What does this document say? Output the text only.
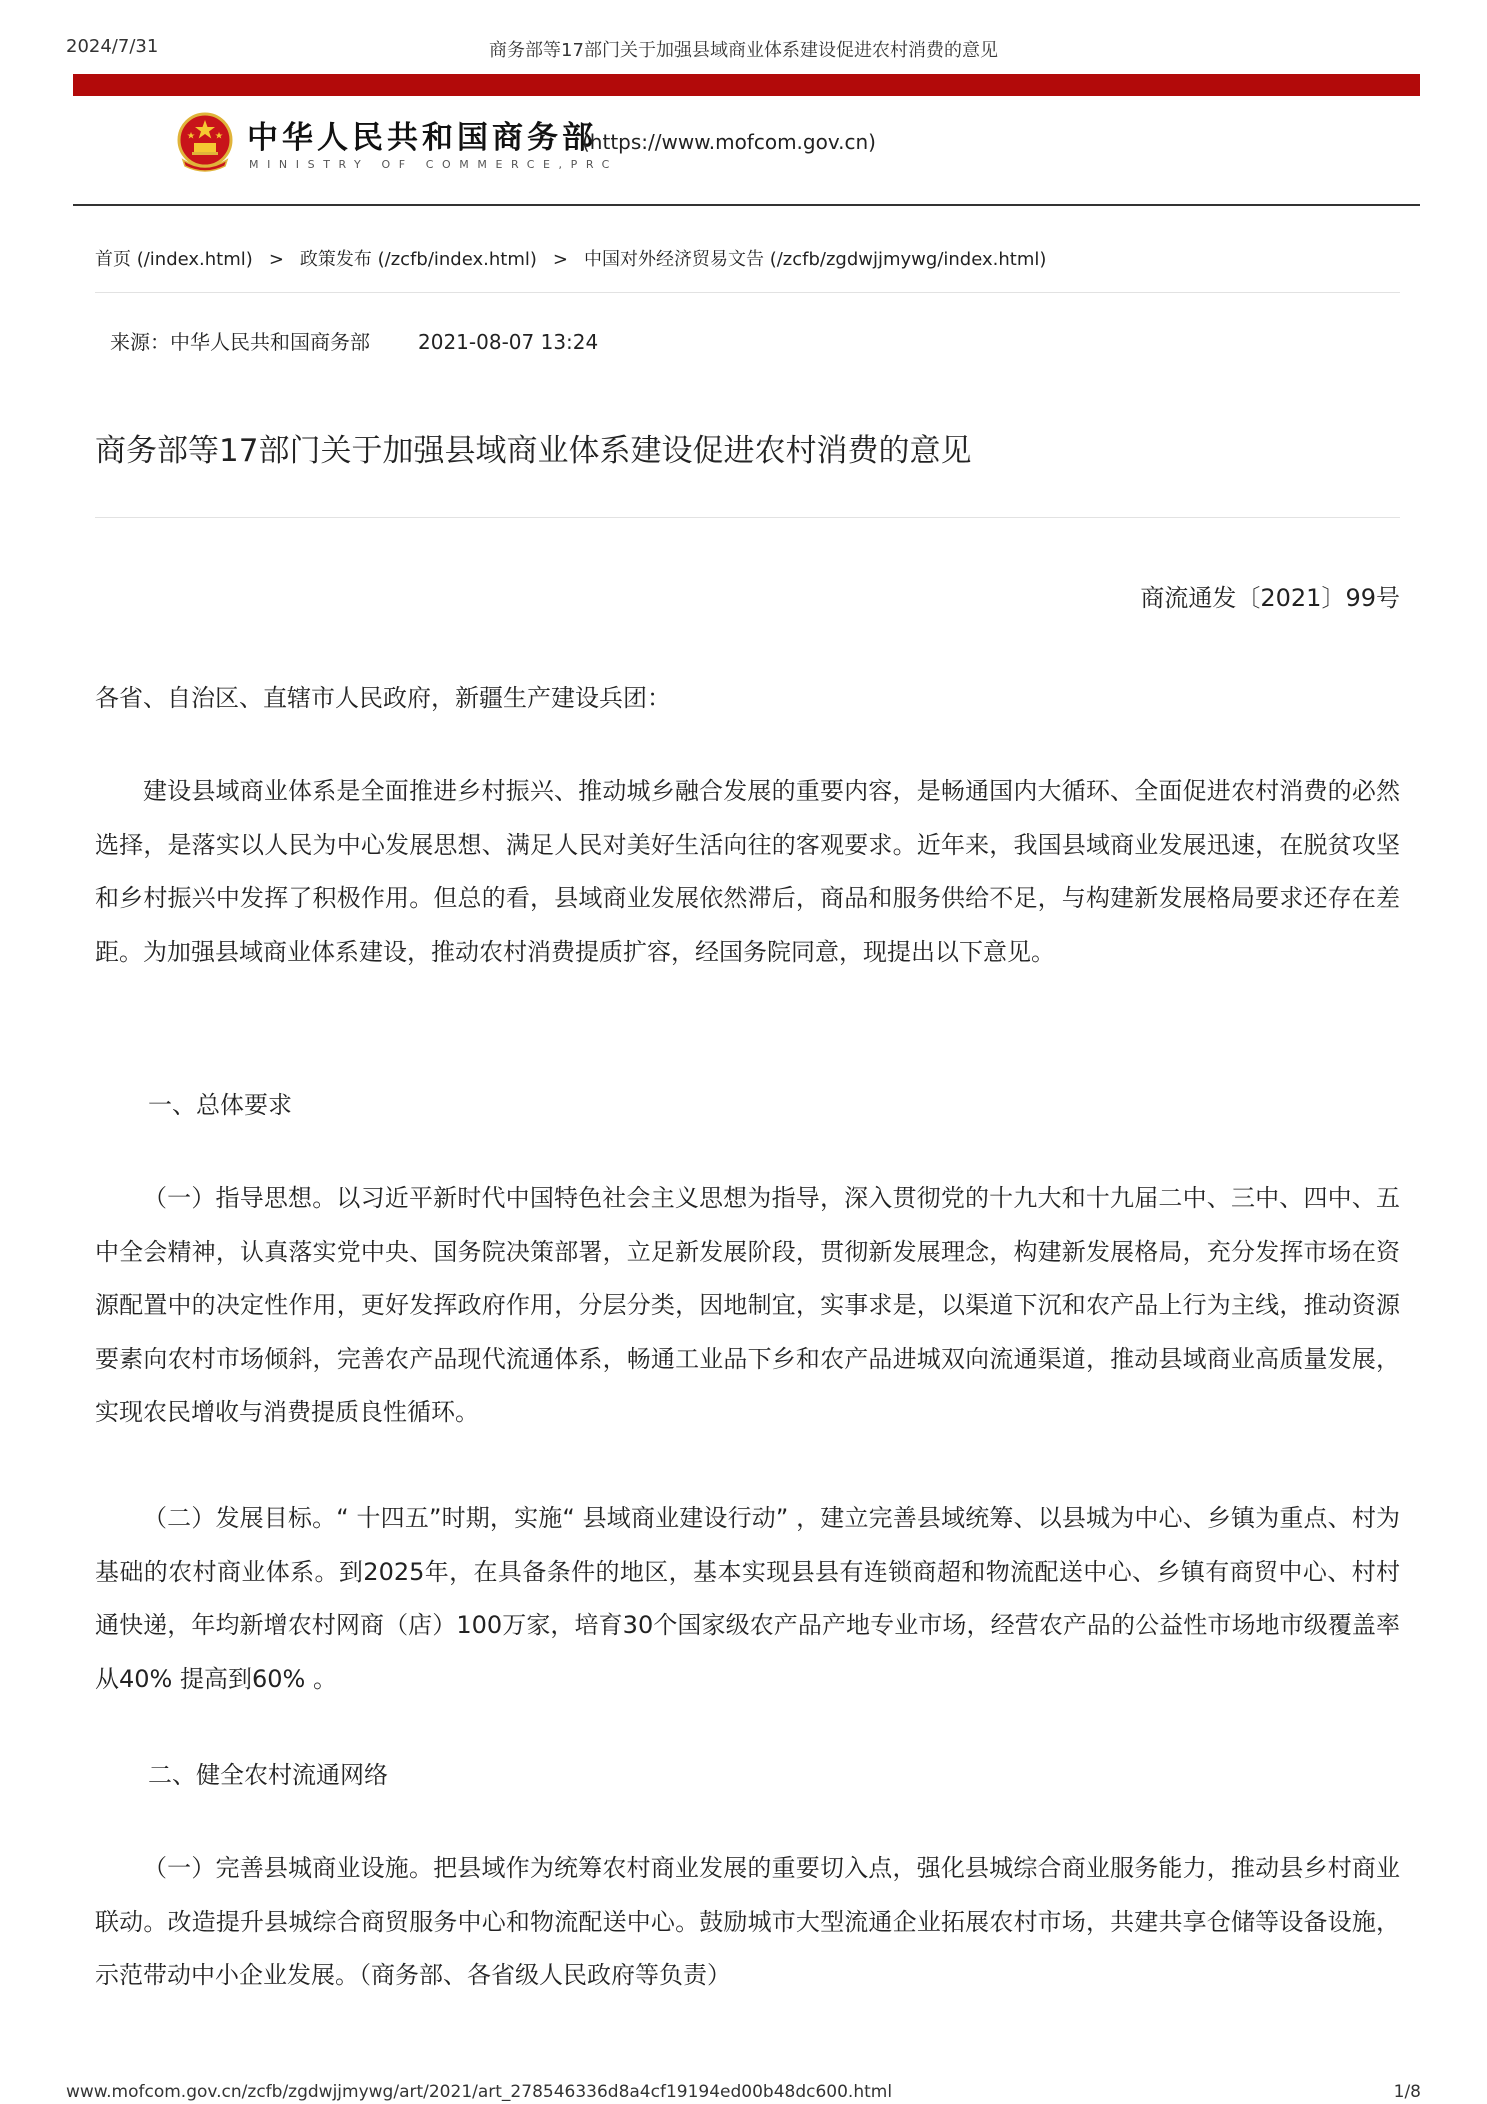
2024/7/31	商务部等17部门关于加强县域商业体系建设促进农村消费的意见
中华人民共和国商务部
MINISTRY OF COMMERCE,PRC
(https://www.mofcom.gov.cn)
首页 (/index.html) > 政策发布 (/zcfb/index.html) > 中国对外经济贸易文告 (/zcfb/zgdwjjmywg/index.html)
来源：中华人民共和国商务部 2021-08-07 13:24
商务部等17部门关于加强县域商业体系建设促进农村消费的意见
商流通发〔2021〕99号
各省、自治区、直辖市人民政府，新疆生产建设兵团：

建设县域商业体系是全面推进乡村振兴、推动城乡融合发展的重要内容，是畅通国内大循环、全面促进农村消费的必然选择，是落实以人民为中心发展思想、满足人民对美好生活向往的客观要求。近年来，我国县域商业发展迅速，在脱贫攻坚和乡村振兴中发挥了积极作用。但总的看，县域商业发展依然滞后，商品和服务供给不足，与构建新发展格局要求还存在差距。为加强县域商业体系建设，推动农村消费提质扩容，经国务院同意，现提出以下意见。

一、总体要求

（一）指导思想。以习近平新时代中国特色社会主义思想为指导，深入贯彻党的十九大和十九届二中、三中、四中、五中全会精神，认真落实党中央、国务院决策部署，立足新发展阶段，贯彻新发展理念，构建新发展格局，充分发挥市场在资源配置中的决定性作用，更好发挥政府作用，分层分类，因地制宜，实事求是，以渠道下沉和农产品上行为主线，推动资源要素向农村市场倾斜，完善农产品现代流通体系，畅通工业品下乡和农产品进城双向流通渠道，推动县域商业高质量发展，实现农民增收与消费提质良性循环。

（二）发展目标。“ 十四五”时期，实施“ 县域商业建设行动” ，建立完善县域统筹、以县城为中心、乡镇为重点、村为基础的农村商业体系。到2025年，在具备条件的地区，基本实现县县有连锁商超和物流配送中心、乡镇有商贸中心、村村通快递，年均新增农村网商（店）100万家，培育30个国家级农产品产地专业市场，经营农产品的公益性市场地市级覆盖率从40% 提高到60% 。

二、健全农村流通网络

（一）完善县城商业设施。把县域作为统筹农村商业发展的重要切入点，强化县城综合商业服务能力，推动县乡村商业联动。改造提升县城综合商贸服务中心和物流配送中心。鼓励城市大型流通企业拓展农村市场，共建共享仓储等设备设施，示范带动中小企业发展。（商务部、各省级人民政府等负责）

www.mofcom.gov.cn/zcfb/zgdwjjmywg/art/2021/art_278546336d8a4cf19194ed00b48dc600.html	1/8
